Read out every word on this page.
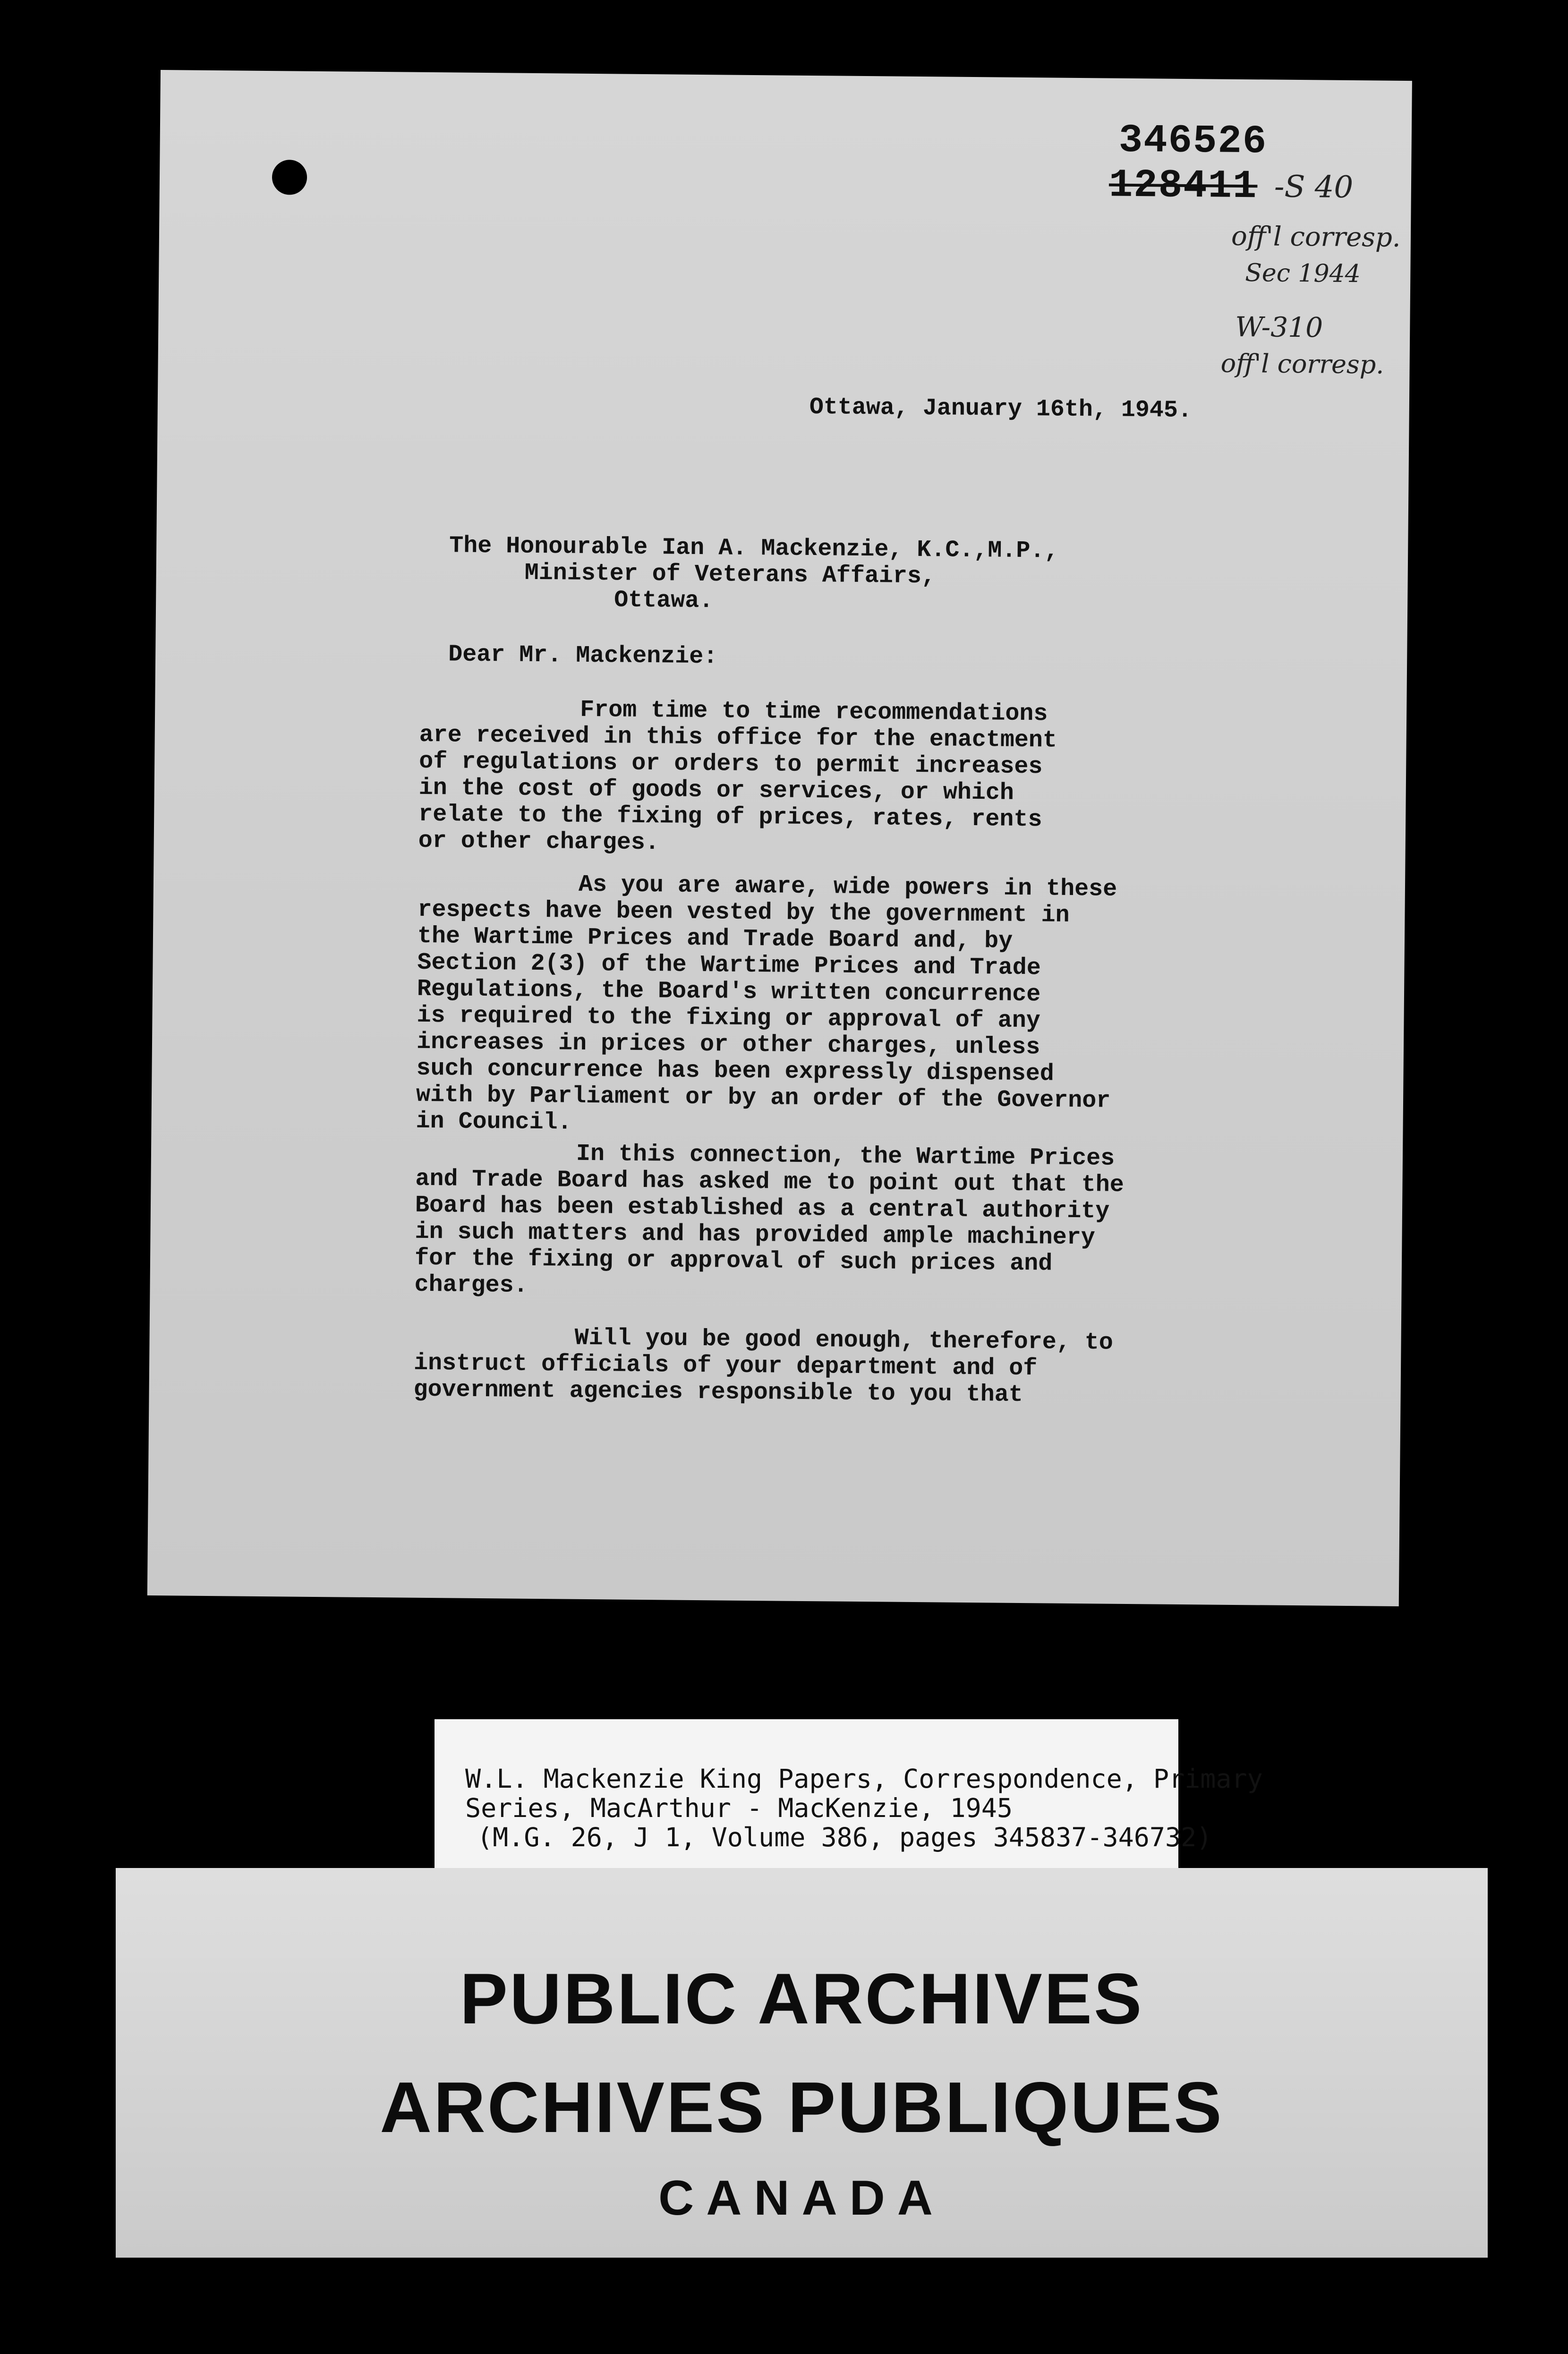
346526
128411 -S 40
off'l corresp.
Sec 1944
W-310
off'l corresp.
Ottawa, January 16th, 1945.
The Honourable Ian A. Mackenzie, K.C.,M.P.,
Minister of Veterans Affairs,
Ottawa.
Dear Mr. Mackenzie:
From time to time recommendations
are received in this office for the enactment
of regulations or orders to permit increases
in the cost of goods or services, or which
relate to the fixing of prices, rates, rents
or other charges.
As you are aware, wide powers in these
respects have been vested by the government in
the Wartime Prices and Trade Board and, by
Section 2(3) of the Wartime Prices and Trade
Regulations, the Board's written concurrence
is required to the fixing or approval of any
increases in prices or other charges, unless
such concurrence has been expressly dispensed
with by Parliament or by an order of the Governor
in Council.
In this connection, the Wartime Prices
and Trade Board has asked me to point out that the
Board has been established as a central authority
in such matters and has provided ample machinery
for the fixing or approval of such prices and
charges.
Will you be good enough, therefore, to
instruct officials of your department and of
government agencies responsible to you that
W.L. Mackenzie King Papers, Correspondence, Primary
Series, MacArthur - MacKenzie, 1945
(M.G. 26, J 1, Volume 386, pages 345837-346732)
PUBLIC ARCHIVES
ARCHIVES PUBLIQUES
CANADA
